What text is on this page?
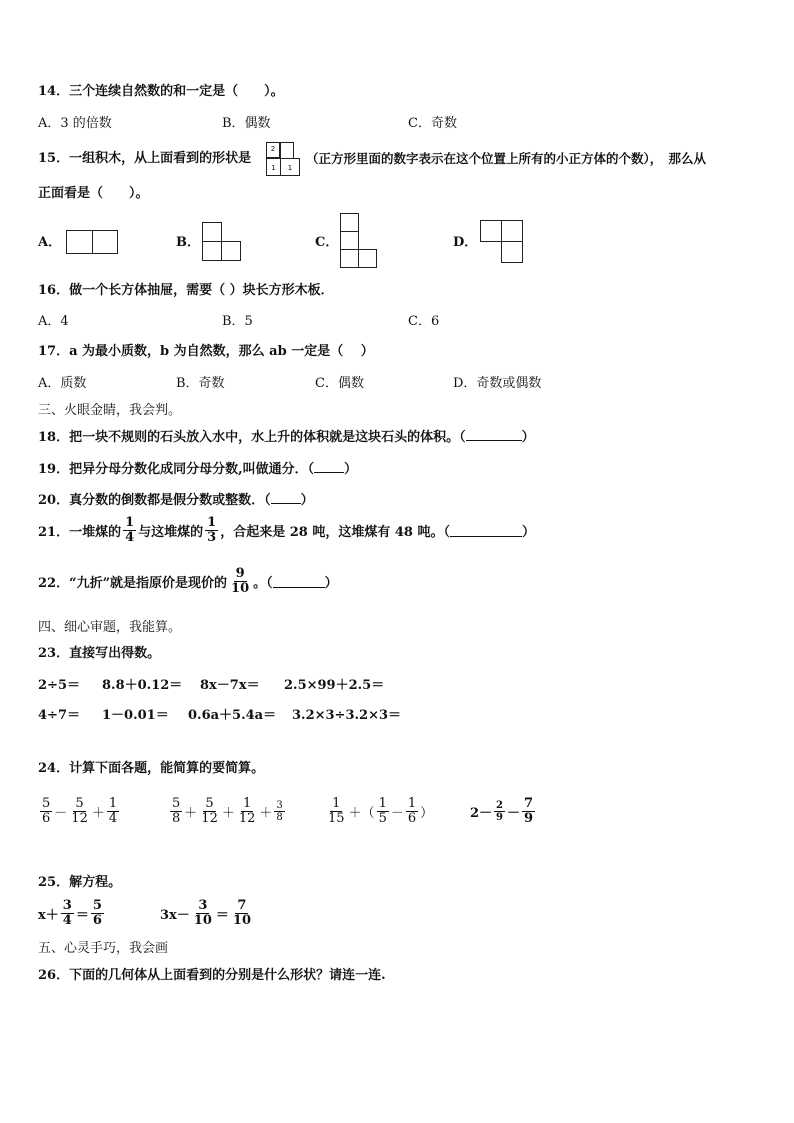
14．三个连续自然数的和一定是（　　）。
A．3 的倍数	B．偶数	C．奇数
15．一组积木，从上面看到的形状是
2
1	1
（正方形里面的数字表示在这个位置上所有的小正方体的个数），　那么从
正面看是（　　）。
A．	B．	C．	D．
16．做一个长方体抽屉，需要（ ）块长方形木板．
A．4	B．5	C．6
17．a 为最小质数，b 为自然数，那么 ab 一定是（　 ）
A．质数	B．奇数	C．偶数	D．奇数或偶数
三、火眼金睛，我会判。
18．把一块不规则的石头放入水中，水上升的体积就是这块石头的体积。（	）
19．把异分母分数化成同分母分数,叫做通分．（ ）
20．真分数的倒数都是假分数或整数．（ ）
21．一堆煤的 $\frac{1}{4}$ 与这堆煤的 $\frac{1}{3}$ ，合起来是 28 吨，这堆煤有 48 吨。（	）
22．“九折”就是指原价是现价的 $\frac{9}{10}$ 。（	）
四、细心审题，我能算。
23．直接写出得数。
2÷5＝ 8.8＋0.12＝ 8x－7x＝ 2.5×99＋2.5＝
4÷7＝ 1－0.01＝ 0.6a＋5.4a＝ 3.2×3÷3.2×3＝
24．计算下面各题，能简算的要简算。
$\frac{5}{6} - \frac{5}{12} + \frac{1}{4}$	$\frac{5}{8} + \frac{5}{12} + \frac{1}{12} + \frac{3}{8}$	$\frac{1}{15}$ ＋（ $\frac{1}{5} - \frac{1}{6}$ ）	$2- \frac{2}{9} - \frac{7}{9}$
25．解方程。
$x+ \frac{3}{4} = \frac{5}{6}$	$3x- \frac{3}{10} = \frac{7}{10}$
五、心灵手巧，我会画
26．下面的几何体从上面看到的分别是什么形状？请连一连.
